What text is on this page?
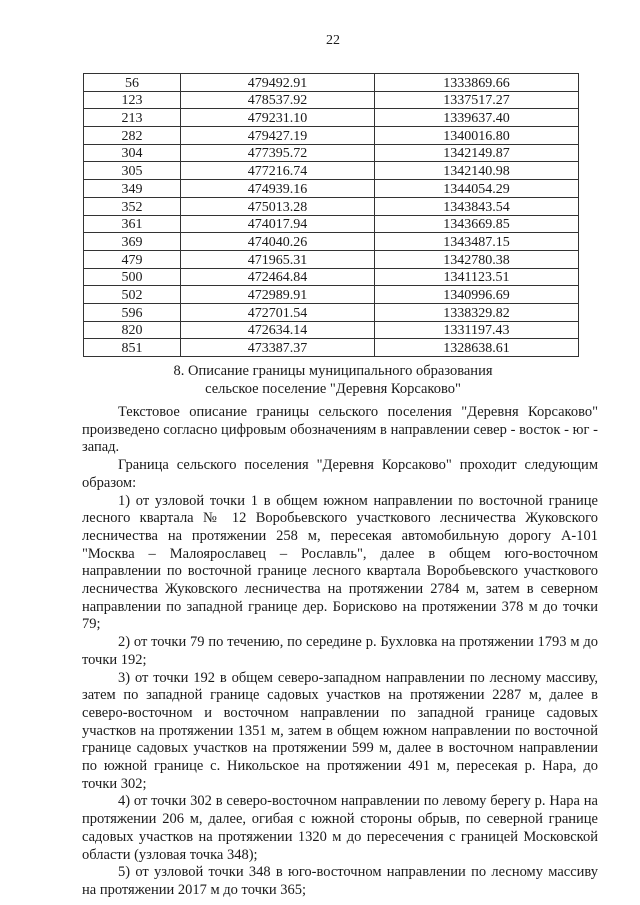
22
56	479492.91	1333869.66
123	478537.92	1337517.27
213	479231.10	1339637.40
282	479427.19	1340016.80
304	477395.72	1342149.87
305	477216.74	1342140.98
349	474939.16	1344054.29
352	475013.28	1343843.54
361	474017.94	1343669.85
369	474040.26	1343487.15
479	471965.31	1342780.38
500	472464.84	1341123.51
502	472989.91	1340996.69
596	472701.54	1338329.82
820	472634.14	1331197.43
851	473387.37	1328638.61
8. Описание границы муниципального образования
сельское поселение "Деревня Корсаково"

Текстовое описание границы сельского поселения "Деревня Корсаково" произведено согласно цифровым обозначениям в направлении север - восток - юг - запад.

Граница сельского поселения "Деревня Корсаково" проходит следующим образом:

1) от узловой точки 1 в общем южном направлении по восточной границе лесного квартала № 12 Воробьевского участкового лесничества Жуковского лесничества на протяжении 258 м, пересекая автомобильную дорогу А-101 "Москва – Малоярославец – Рославль", далее в общем юго-восточном направлении по восточной границе лесного квартала Воробьевского участкового лесничества Жуковского лесничества на протяжении 2784 м, затем в северном направлении по западной границе дер. Борисково на протяжении 378 м до точки 79;

2) от точки 79 по течению, по середине р. Бухловка на протяжении 1793 м до точки 192;

3) от точки 192 в общем северо-западном направлении по лесному массиву, затем по западной границе садовых участков на протяжении 2287 м, далее в северо-восточном и восточном направлении по западной границе садовых участков на протяжении 1351 м, затем в общем южном направлении по восточной границе садовых участков на протяжении 599 м, далее в восточном направлении по южной границе с. Никольское на протяжении 491 м, пересекая р. Нара, до точки 302;

4) от точки 302 в северо-восточном направлении по левому берегу р. Нара на протяжении 206 м, далее, огибая с южной стороны обрыв, по северной границе садовых участков на протяжении 1320 м до пересечения с границей Московской области (узловая точка 348);

5) от узловой точки 348 в юго-восточном направлении по лесному массиву на протяжении 2017 м до точки 365;
